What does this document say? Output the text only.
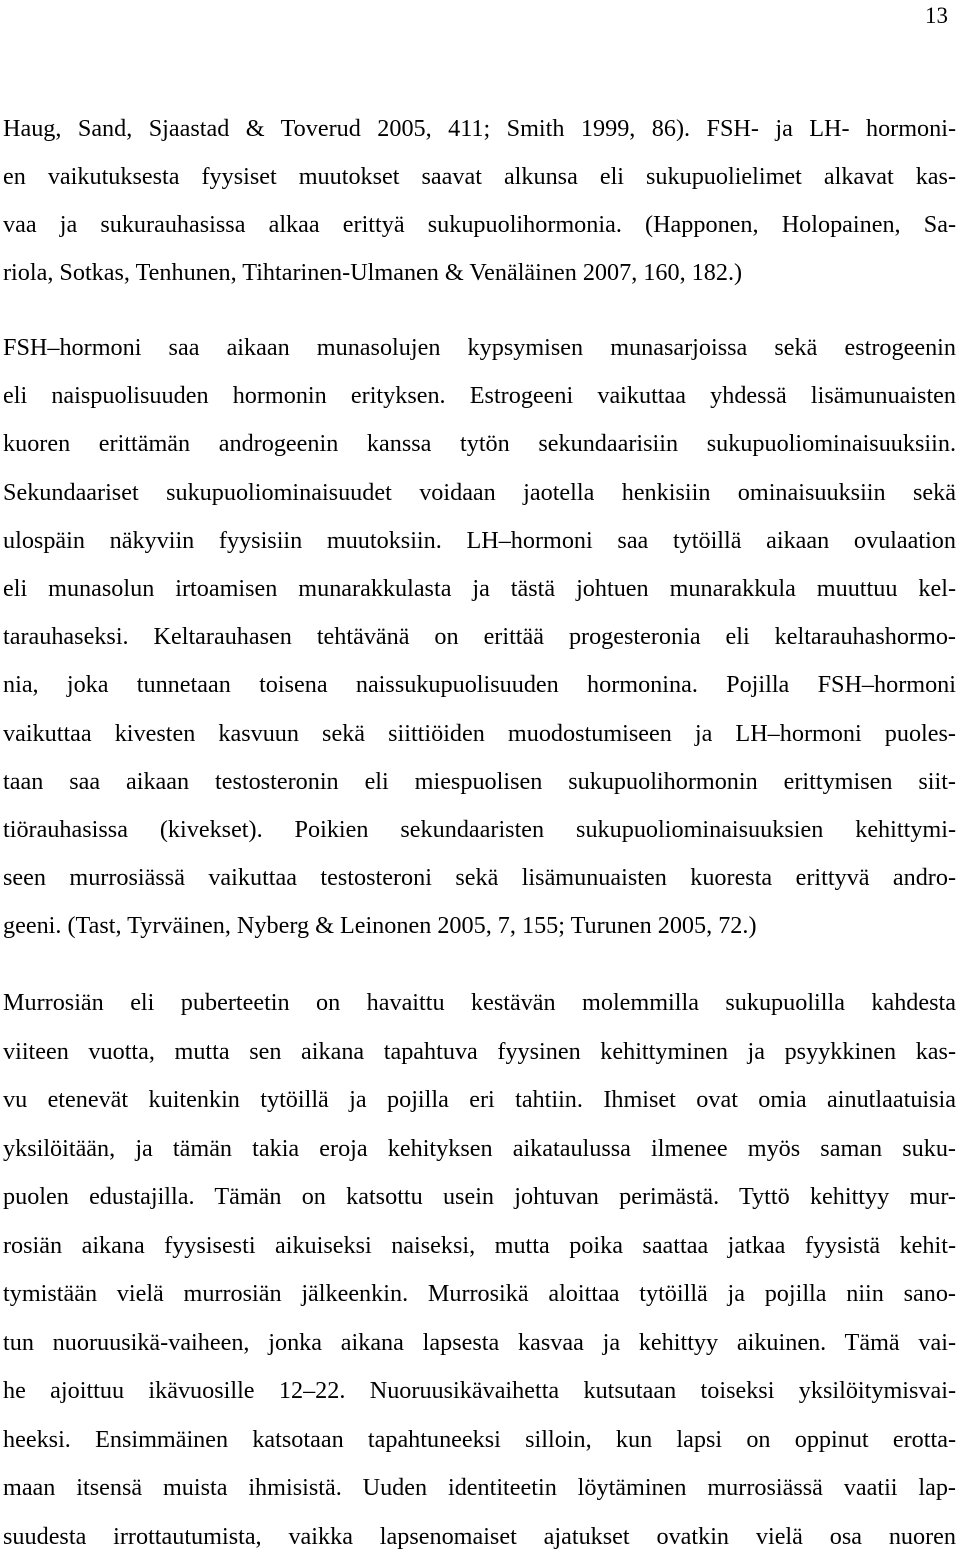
13
Haug, Sand, Sjaastad & Toverud 2005, 411; Smith 1999, 86). FSH- ja LH- hormoni-
en vaikutuksesta fyysiset muutokset saavat alkunsa eli sukupuolielimet alkavat kas-
vaa ja sukurauhasissa alkaa erittyä sukupuolihormonia. (Happonen, Holopainen, Sa-
riola, Sotkas, Tenhunen, Tihtarinen-Ulmanen & Venäläinen 2007, 160, 182.)
FSH–hormoni saa aikaan munasolujen kypsymisen munasarjoissa sekä estrogeenin
eli naispuolisuuden hormonin erityksen. Estrogeeni vaikuttaa yhdessä lisämunuaisten
kuoren erittämän androgeenin kanssa tytön sekundaarisiin sukupuoliominaisuuksiin.
Sekundaariset sukupuoliominaisuudet voidaan jaotella henkisiin ominaisuuksiin sekä
ulospäin näkyviin fyysisiin muutoksiin. LH–hormoni saa tytöillä aikaan ovulaation
eli munasolun irtoamisen munarakkulasta ja tästä johtuen munarakkula muuttuu kel-
tarauhaseksi. Keltarauhasen tehtävänä on erittää progesteronia eli keltarauhashormo-
nia, joka tunnetaan toisena naissukupuolisuuden hormonina. Pojilla FSH–hormoni
vaikuttaa kivesten kasvuun sekä siittiöiden muodostumiseen ja LH–hormoni puoles-
taan saa aikaan testosteronin eli miespuolisen sukupuolihormonin erittymisen siit-
tiörauhasissa (kivekset). Poikien sekundaaristen sukupuoliominaisuuksien kehittymi-
seen murrosiässä vaikuttaa testosteroni sekä lisämunuaisten kuoresta erittyvä andro-
geeni. (Tast, Tyrväinen, Nyberg & Leinonen 2005, 7, 155; Turunen 2005, 72.)
Murrosiän eli puberteetin on havaittu kestävän molemmilla sukupuolilla kahdesta
viiteen vuotta, mutta sen aikana tapahtuva fyysinen kehittyminen ja psyykkinen kas-
vu etenevät kuitenkin tytöillä ja pojilla eri tahtiin. Ihmiset ovat omia ainutlaatuisia
yksilöitään, ja tämän takia eroja kehityksen aikataulussa ilmenee myös saman suku-
puolen edustajilla. Tämän on katsottu usein johtuvan perimästä. Tyttö kehittyy mur-
rosiän aikana fyysisesti aikuiseksi naiseksi, mutta poika saattaa jatkaa fyysistä kehit-
tymistään vielä murrosiän jälkeenkin. Murrosikä aloittaa tytöillä ja pojilla niin sano-
tun nuoruusikä-vaiheen, jonka aikana lapsesta kasvaa ja kehittyy aikuinen. Tämä vai-
he ajoittuu ikävuosille 12–22. Nuoruusikävaihetta kutsutaan toiseksi yksilöitymisvai-
heeksi. Ensimmäinen katsotaan tapahtuneeksi silloin, kun lapsi on oppinut erotta-
maan itsensä muista ihmisistä. Uuden identiteetin löytäminen murrosiässä vaatii lap-
suudesta irrottautumista, vaikka lapsenomaiset ajatukset ovatkin vielä osa nuoren
